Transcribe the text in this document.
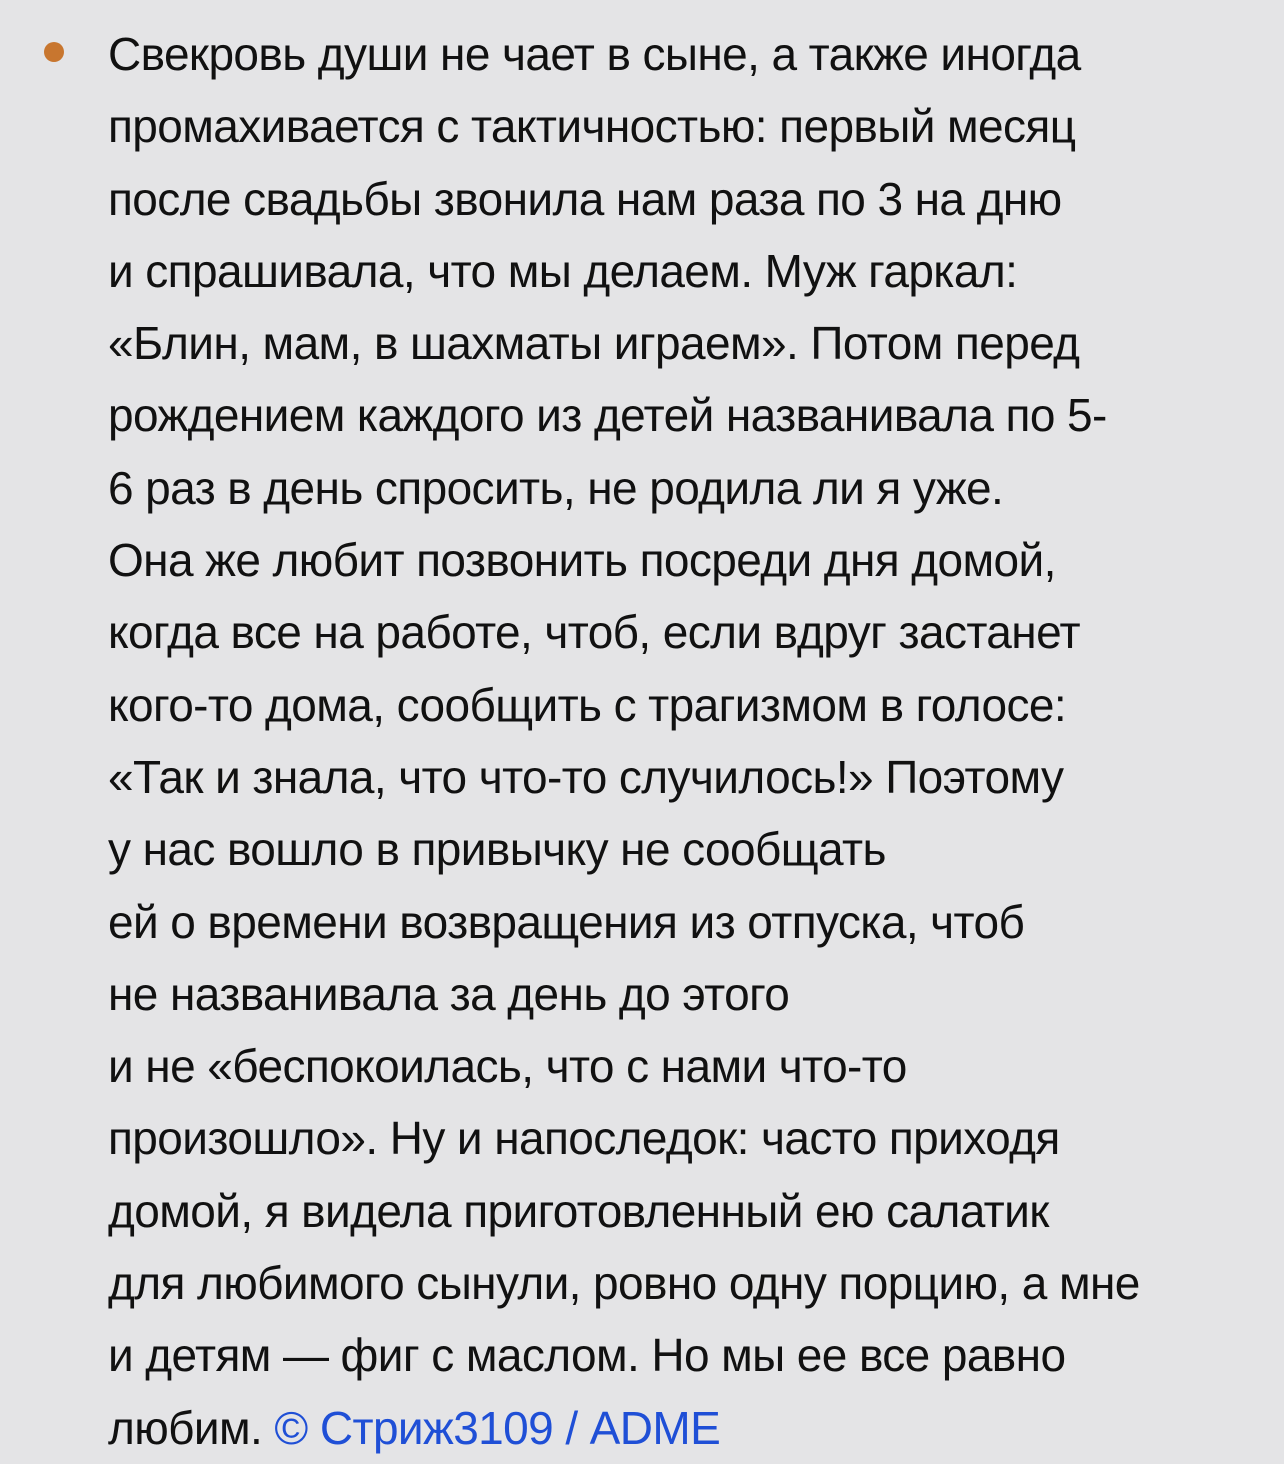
Свекровь души не чает в сыне, а также иногда
промахивается с тактичностью: первый месяц
после свадьбы звонила нам раза по 3 на дню
и спрашивала, что мы делаем. Муж гаркал:
«Блин, мам, в шахматы играем». Потом перед
рождением каждого из детей названивала по 5-
6 раз в день спросить, не родила ли я уже.
Она же любит позвонить посреди дня домой,
когда все на работе, чтоб, если вдруг застанет
кого-то дома, сообщить с трагизмом в голосе:
«Так и знала, что что-то случилось!» Поэтому
у нас вошло в привычку не сообщать
ей о времени возвращения из отпуска, чтоб
не названивала за день до этого
и не «беспокоилась, что с нами что-то
произошло». Ну и напоследок: часто приходя
домой, я видела приготовленный ею салатик
для любимого сынули, ровно одну порцию, а мне
и детям — фиг с маслом. Но мы ее все равно
любим. © Стриж3109 / ADME
